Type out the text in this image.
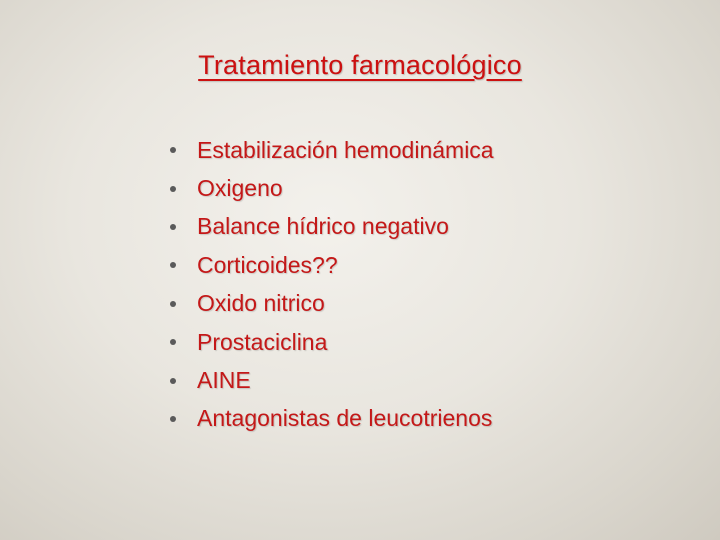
Tratamiento farmacológico
Estabilización hemodinámica
Oxigeno
Balance hídrico negativo
Corticoides??
Oxido nitrico
Prostaciclina
AINE
Antagonistas de leucotrienos
